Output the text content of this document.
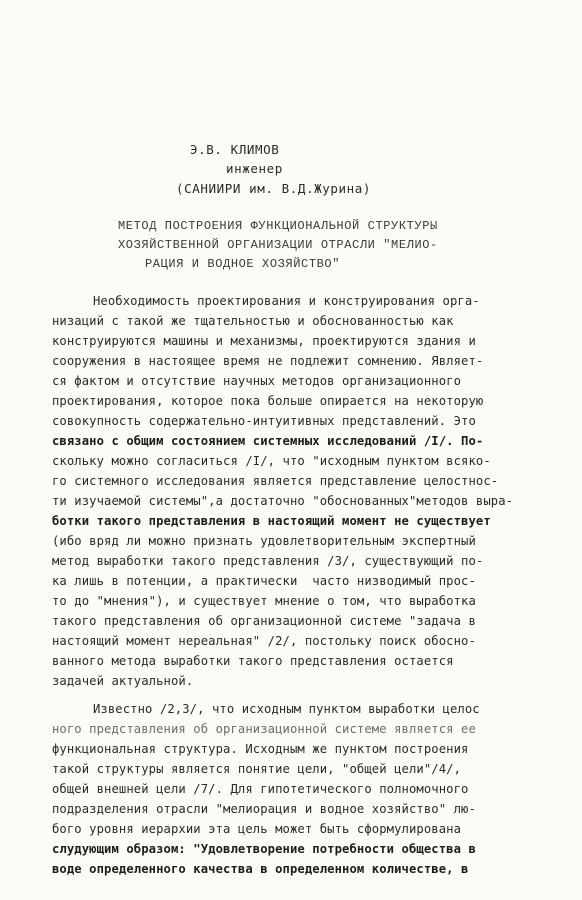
Э.В. КЛИМОВ
инженер
(САНИИРИ им. В.Д.Журина)
МЕТОД ПОСТРОЕНИЯ ФУНКЦИОНАЛЬНОЙ СТРУКТУРЫ
ХОЗЯЙСТВЕННОЙ ОРГАНИЗАЦИИ ОТРАСЛИ "МЕЛИО-
РАЦИЯ И ВОДНОЕ ХОЗЯЙСТВО"
Необходимость проектирования и конструирования орга-
низаций с такой же тщательностью и обоснованностью как
конструируются машины и механизмы, проектируются здания и
сооружения в настоящее время не подлежит сомнению. Являет-
ся фактом и отсутствие научных методов организационного
проектирования, которое пока больше опирается на некоторую
совокупность содержательно-интуитивных представлений. Это
связано с общим состоянием системных исследований /I/. По-
скольку можно согласиться /I/, что "исходным пунктом всяко-
го системного исследования является представление целостнос-
ти изучаемой системы",а достаточно "обоснованных"методов выра-
ботки такого представления в настоящий момент не существует
(ибо вряд ли можно признать удовлетворительным экспертный
метод выработки такого представления /3/, существующий по-
ка лишь в потенции, а практически  часто низводимый прос-
то до "мнения"), и существует мнение о том, что выработка
такого представления об организационной системе "задача в
настоящий момент нереальная" /2/, постольку поиск обосно-
ванного метода выработки такого представления остается
задачей актуальной.
Известно /2,3/, что исходным пунктом выработки целос
ного представления об организационной системе является ее
функциональная структура. Исходным же пунктом построения
такой структуры является понятие цели, "общей цели"/4/,
общей внешней цели /7/. Для гипотетического полномочного
подразделения отрасли "мелиорация и водное хозяйство" лю-
бого уровня иерархии эта цель может быть сформулирована
слудующим образом: "Удовлетворение потребности общества в
воде определенного качества в определенном количестве, в
